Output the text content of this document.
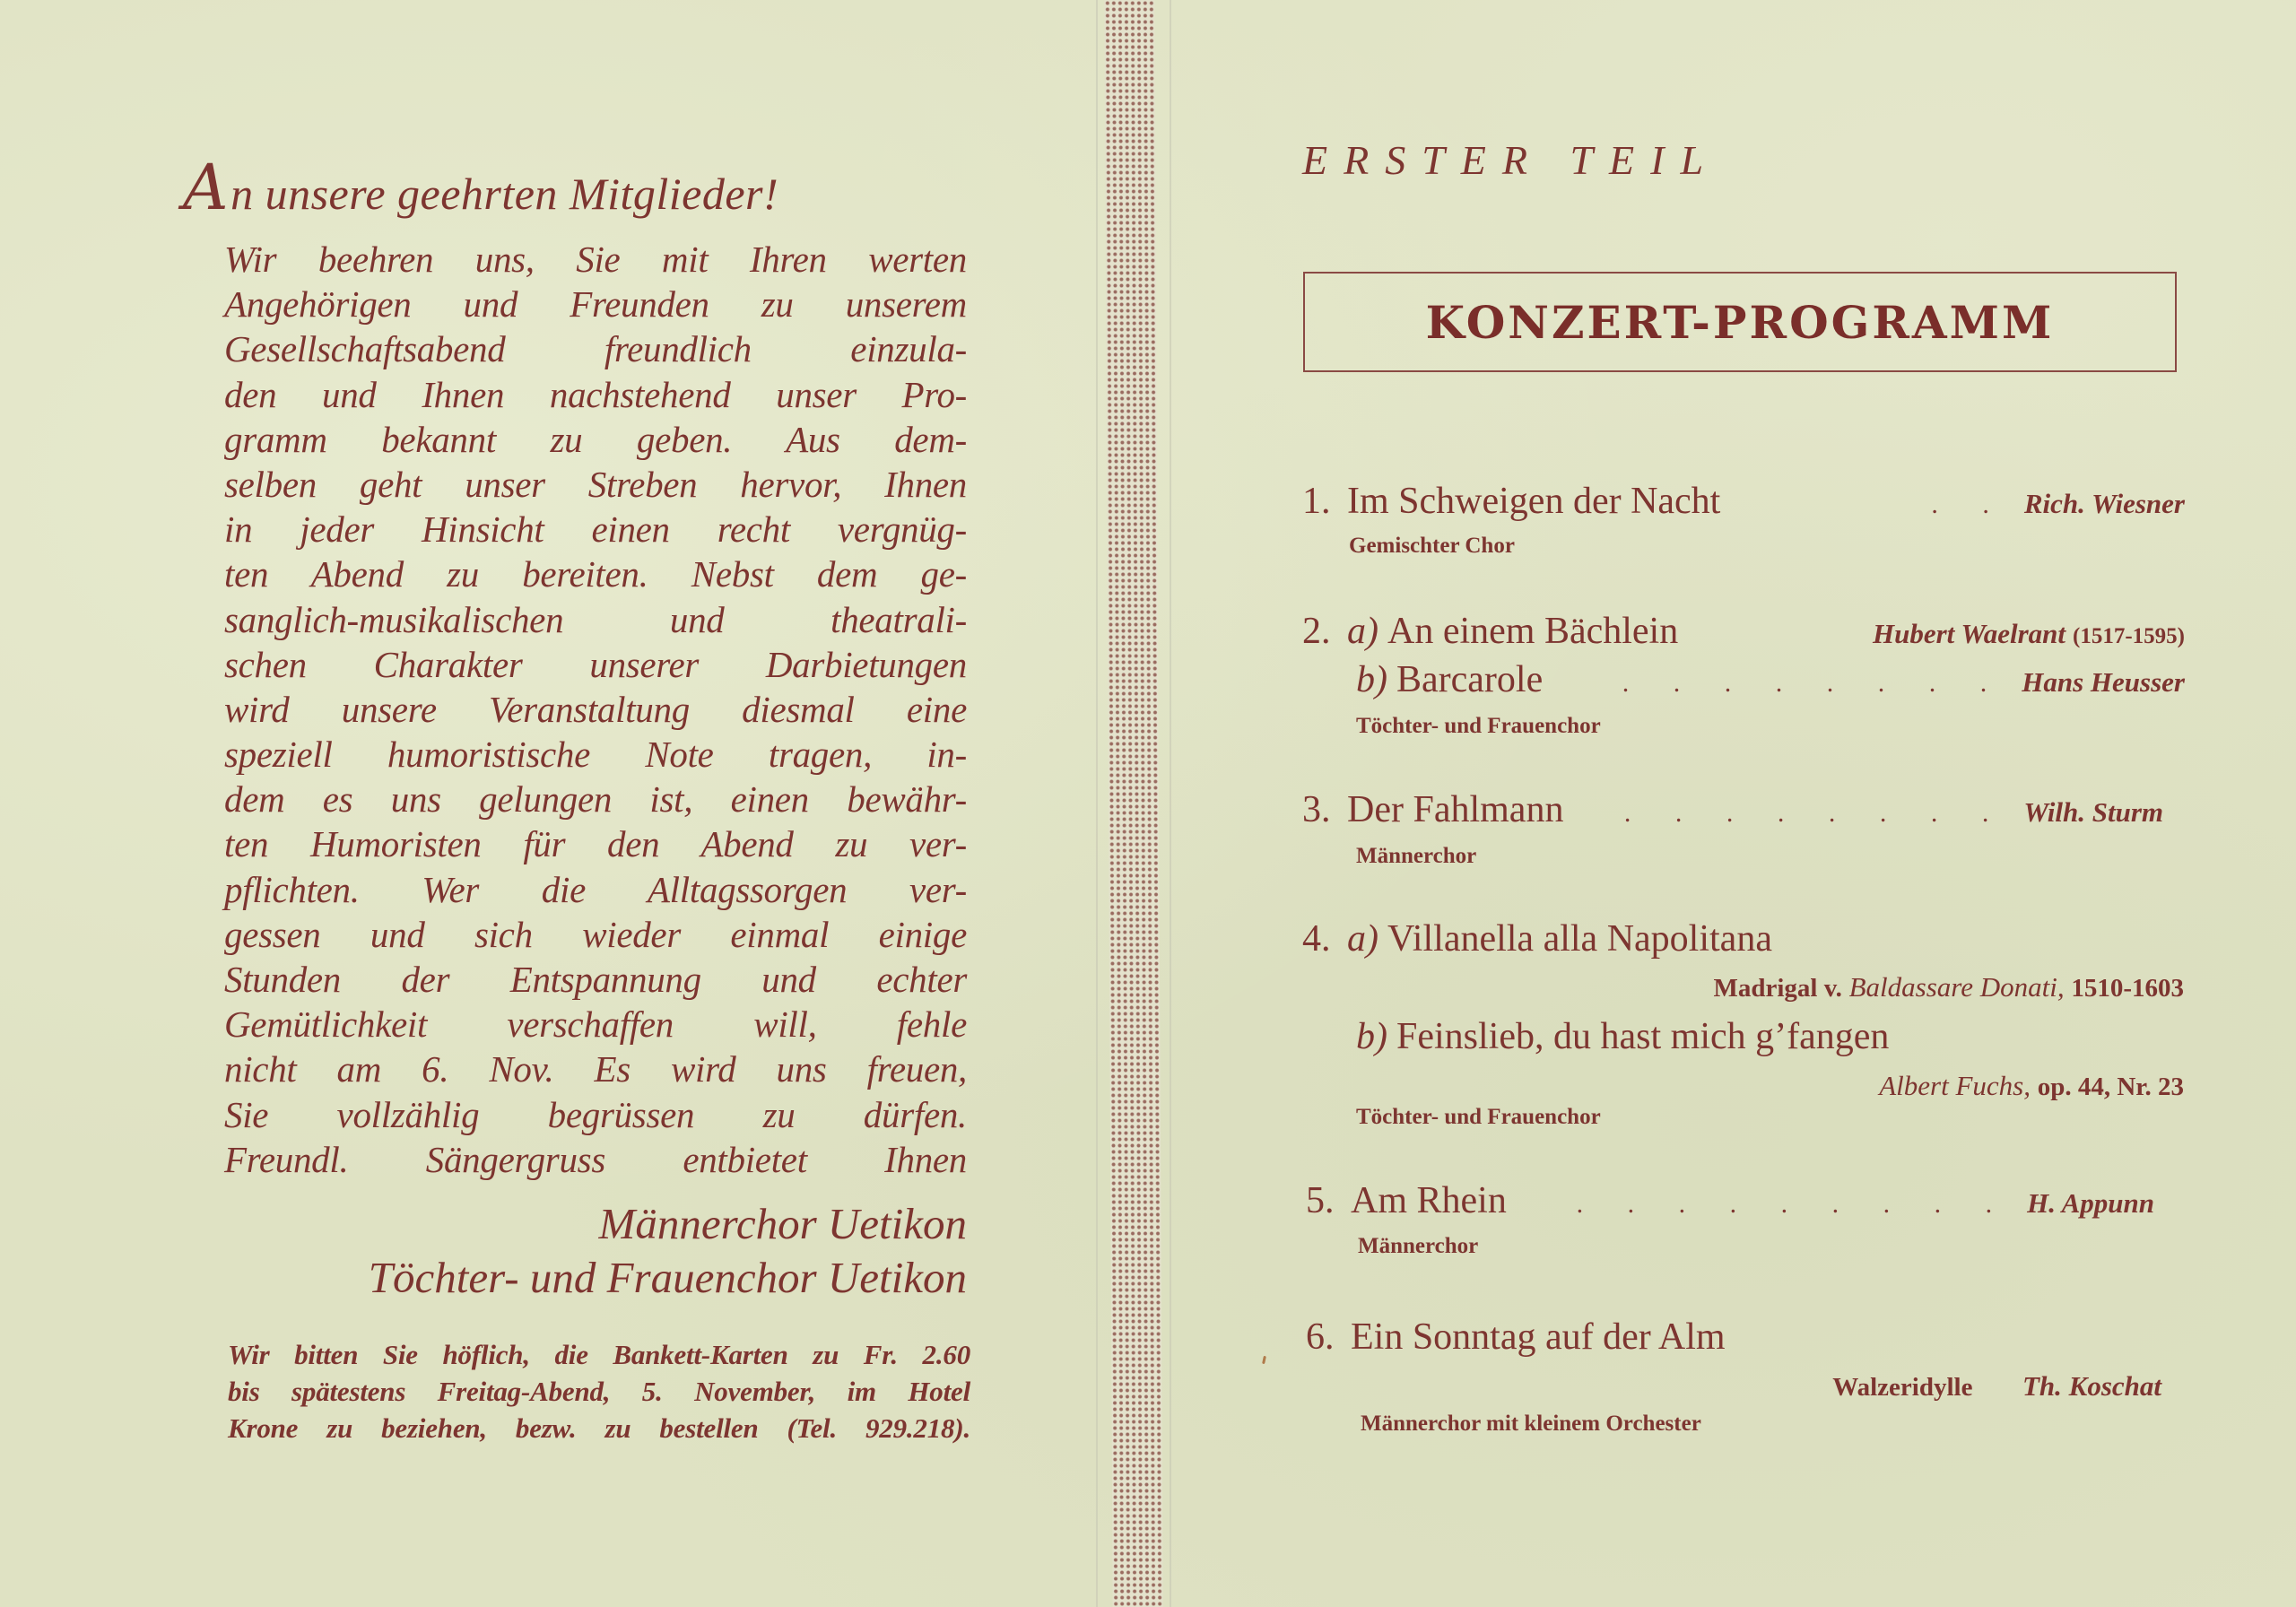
An unsere geehrten Mitglieder!
Wir beehren uns, Sie mit Ihren werten
Angehörigen und Freunden zu unserem
Gesellschaftsabend freundlich einzula-
den und Ihnen nachstehend unser Pro-
gramm bekannt zu geben. Aus dem-
selben geht unser Streben hervor, Ihnen
in jeder Hinsicht einen recht vergnüg-
ten Abend zu bereiten. Nebst dem ge-
sanglich-musikalischen und theatrali-
schen Charakter unserer Darbietungen
wird unsere Veranstaltung diesmal eine
speziell humoristische Note tragen, in-
dem es uns gelungen ist, einen bewähr-
ten Humoristen für den Abend zu ver-
pflichten. Wer die Alltagssorgen ver-
gessen und sich wieder einmal einige
Stunden der Entspannung und echter
Gemütlichkeit verschaffen will, fehle
nicht am 6. Nov. Es wird uns freuen,
Sie vollzählig begrüssen zu dürfen.
Freundl. Sängergruss entbietet Ihnen
Männerchor Uetikon
Töchter- und Frauenchor Uetikon
Wir bitten Sie höflich, die Bankett-Karten zu Fr. 2.60
bis spätestens Freitag-Abend, 5. November, im Hotel
Krone zu beziehen, bezw. zu bestellen (Tel. 929.218).
ERSTER TEIL
KONZERT-PROGRAMM
1. Im Schweigen der Nacht	. . Rich. Wiesner
Gemischter Chor
2. a) An einem Bächlein	Hubert Waelrant (1517-1595)
b) Barcarole	. . . . . . . . Hans Heusser
Töchter- und Frauenchor
3. Der Fahlmann	. . . . . . . . Wilh. Sturm
Männerchor
4. a) Villanella alla Napolitana
Madrigal v. Baldassare Donati, 1510-1603
b) Feinslieb, du hast mich g’fangen
Albert Fuchs, op. 44, Nr. 23
Töchter- und Frauenchor
5. Am Rhein	. . . . . . . . . H. Appunn
Männerchor
6. Ein Sonntag auf der Alm
Walzeridylle Th. Koschat
Männerchor mit kleinem Orchester
